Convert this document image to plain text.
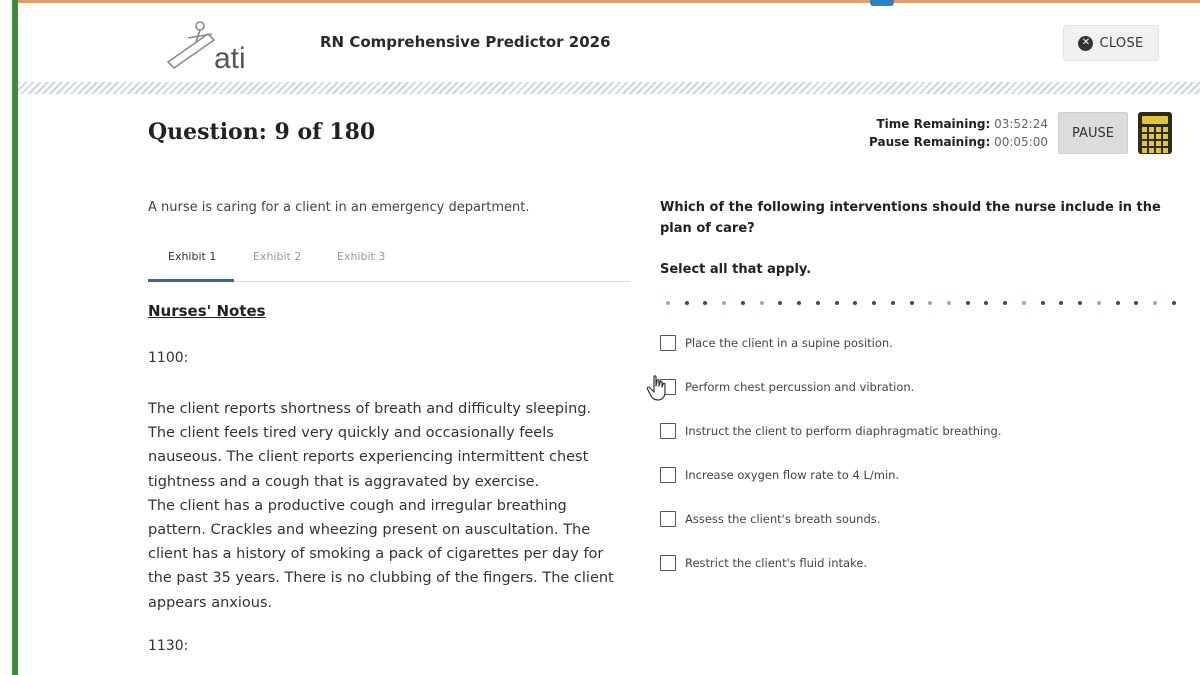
ati	RN Comprehensive Predictor 2026	✕ CLOSE
Question: 9 of 180	Time Remaining: 03:52:24
Pause Remaining: 00:05:00
PAUSE
A nurse is caring for a client in an emergency department.
Exhibit 1	Exhibit 2	Exhibit 3
Nurses' Notes
1100:

The client reports shortness of breath and difficulty sleeping.
The client feels tired very quickly and occasionally feels
nauseous. The client reports experiencing intermittent chest
tightness and a cough that is aggravated by exercise.
The client has a productive cough and irregular breathing
pattern. Crackles and wheezing present on auscultation. The
client has a history of smoking a pack of cigarettes per day for
the past 35 years. There is no clubbing of the fingers. The client
appears anxious.

1130:
Which of the following interventions should the nurse include in the plan of care?
Select all that apply.
Place the client in a supine position.
Perform chest percussion and vibration.
Instruct the client to perform diaphragmatic breathing.
Increase oxygen flow rate to 4 L/min.
Assess the client's breath sounds.
Restrict the client's fluid intake.
